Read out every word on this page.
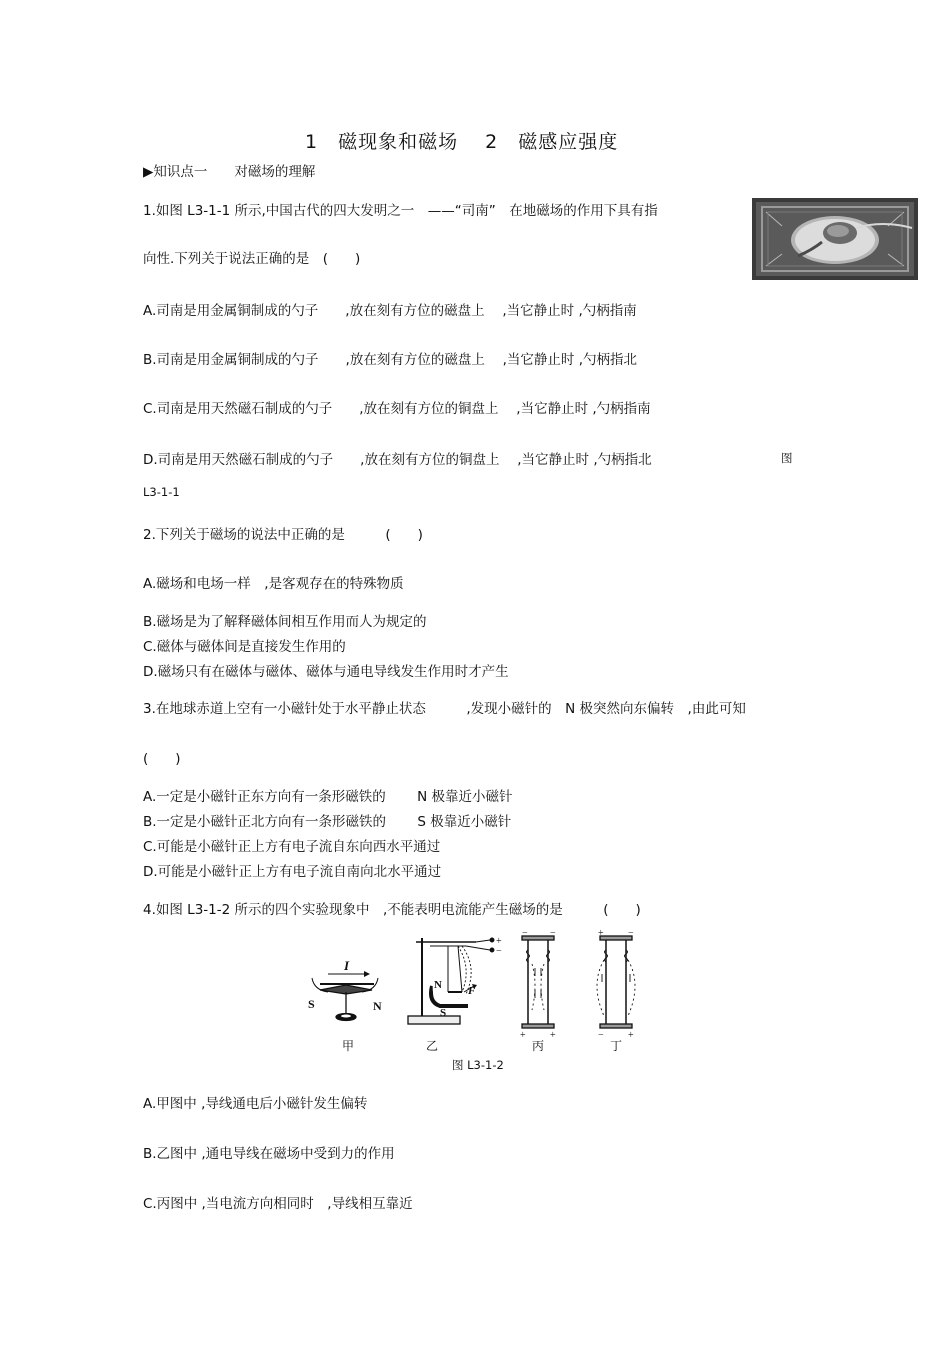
1　磁现象和磁场　 2　磁感应强度
▶知识点一　　对磁场的理解
1.如图 L3-1-1 所示,中国古代的四大发明之一　——“司南”　在地磁场的作用下具有指
向性.下列关于说法正确的是　(　　)
A.司南是用金属铜制成的勺子　　,放在刻有方位的磁盘上　 ,当它静止时 ,勺柄指南
B.司南是用金属铜制成的勺子　　,放在刻有方位的磁盘上　 ,当它静止时 ,勺柄指北
C.司南是用天然磁石制成的勺子　　,放在刻有方位的铜盘上　 ,当它静止时 ,勺柄指南
D.司南是用天然磁石制成的勺子　　,放在刻有方位的铜盘上　 ,当它静止时 ,勺柄指北	图
L3-1-1
2.下列关于磁场的说法中正确的是　　　(　　)
A.磁场和电场一样　,是客观存在的特殊物质
B.磁场是为了解释磁体间相互作用而人为规定的
C.磁体与磁体间是直接发生作用的
D.磁场只有在磁体与磁体、磁体与通电导线发生作用时才产生
3.在地球赤道上空有一小磁针处于水平静止状态　　　,发现小磁针的　N 极突然向东偏转　,由此可知
(　　)
A.一定是小磁针正东方向有一条形磁铁的　　 N 极靠近小磁针
B.一定是小磁针正北方向有一条形磁铁的　　 S 极靠近小磁针
C.可能是小磁针正上方有电子流自东向西水平通过
D.可能是小磁针正上方有电子流自南向北水平通过
4.如图 L3-1-2 所示的四个实验现象中　,不能表明电流能产生磁场的是　　　(　　)
I
S	N
N F
S
+
−
+ +
− −	+ −
− +
甲	乙	丙	丁
图 L3-1-2
A.甲图中 ,导线通电后小磁针发生偏转
B.乙图中 ,通电导线在磁场中受到力的作用
C.丙图中 ,当电流方向相同时　,导线相互靠近
